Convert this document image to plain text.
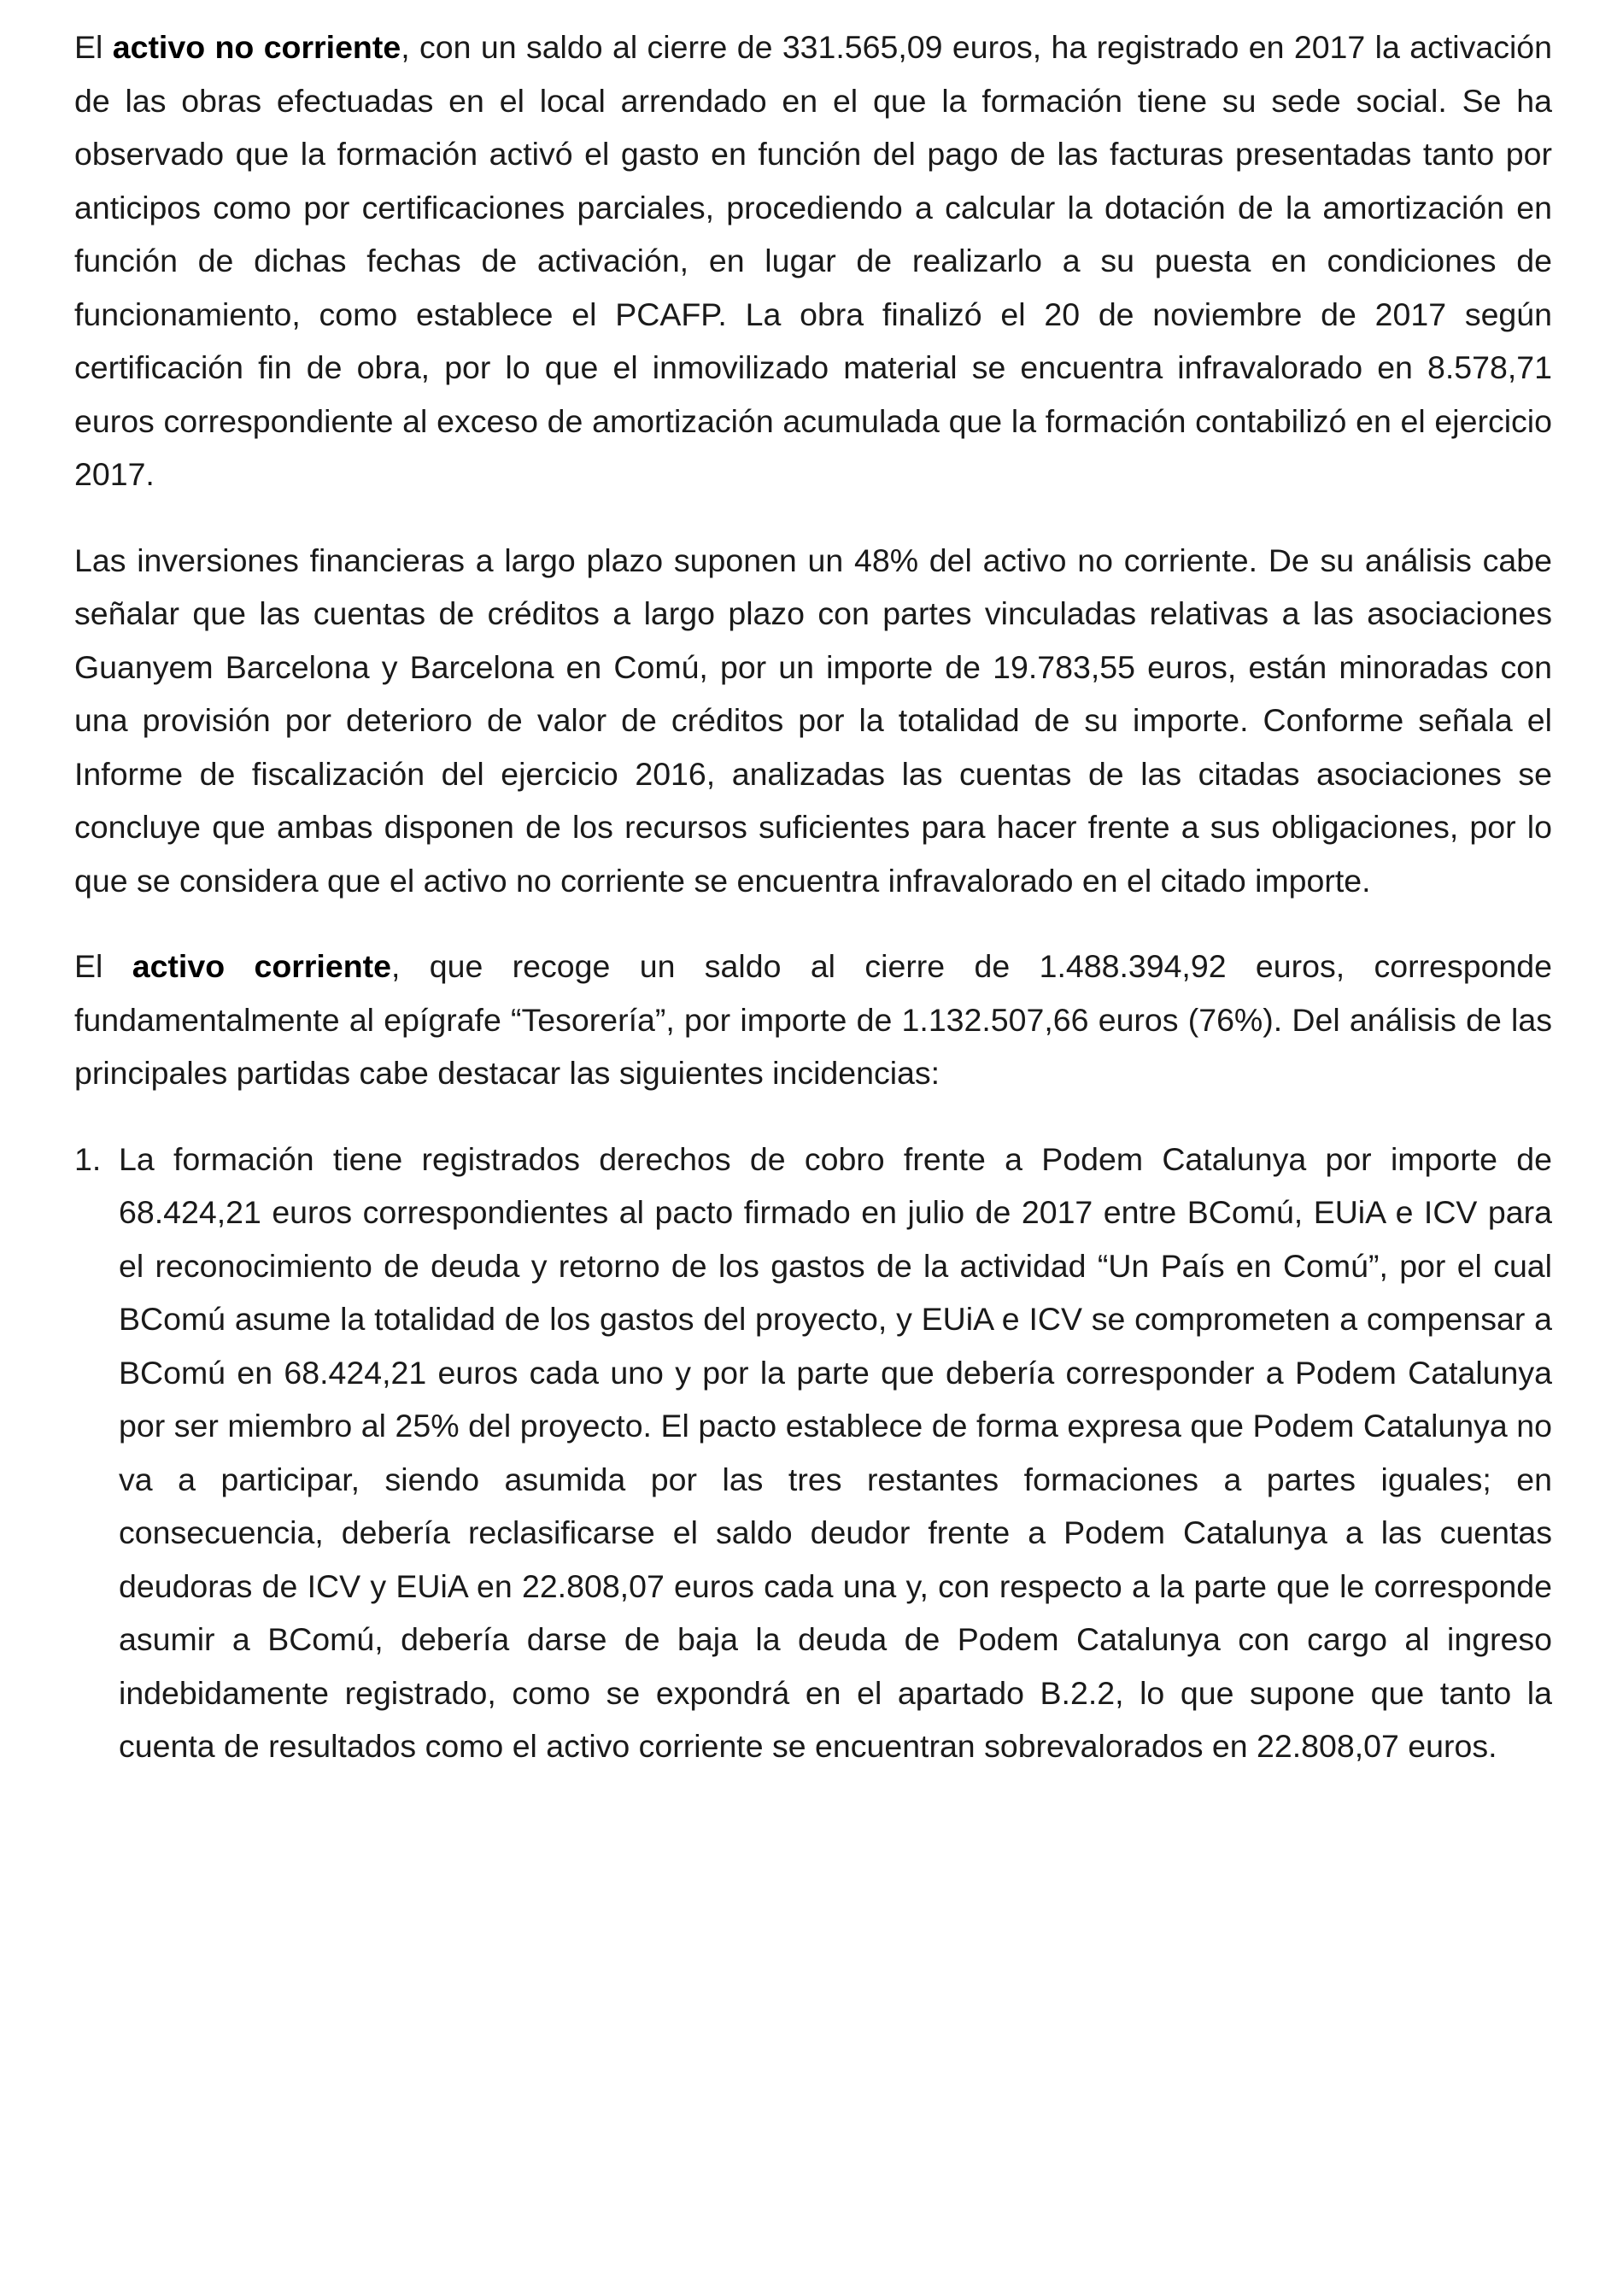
El activo no corriente, con un saldo al cierre de 331.565,09 euros, ha registrado en 2017 la activación de las obras efectuadas en el local arrendado en el que la formación tiene su sede social. Se ha observado que la formación activó el gasto en función del pago de las facturas presentadas tanto por anticipos como por certificaciones parciales, procediendo a calcular la dotación de la amortización en función de dichas fechas de activación, en lugar de realizarlo a su puesta en condiciones de funcionamiento, como establece el PCAFP. La obra finalizó el 20 de noviembre de 2017 según certificación fin de obra, por lo que el inmovilizado material se encuentra infravalorado en 8.578,71 euros correspondiente al exceso de amortización acumulada que la formación contabilizó en el ejercicio 2017.

Las inversiones financieras a largo plazo suponen un 48% del activo no corriente. De su análisis cabe señalar que las cuentas de créditos a largo plazo con partes vinculadas relativas a las asociaciones Guanyem Barcelona y Barcelona en Comú, por un importe de 19.783,55 euros, están minoradas con una provisión por deterioro de valor de créditos por la totalidad de su importe. Conforme señala el Informe de fiscalización del ejercicio 2016, analizadas las cuentas de las citadas asociaciones se concluye que ambas disponen de los recursos suficientes para hacer frente a sus obligaciones, por lo que se considera que el activo no corriente se encuentra infravalorado en el citado importe.

El activo corriente, que recoge un saldo al cierre de 1.488.394,92 euros, corresponde fundamentalmente al epígrafe “Tesorería”, por importe de 1.132.507,66 euros (76%). Del análisis de las principales partidas cabe destacar las siguientes incidencias:

1. La formación tiene registrados derechos de cobro frente a Podem Catalunya por importe de 68.424,21 euros correspondientes al pacto firmado en julio de 2017 entre BComú, EUiA e ICV para el reconocimiento de deuda y retorno de los gastos de la actividad “Un País en Comú”, por el cual BComú asume la totalidad de los gastos del proyecto, y EUiA e ICV se comprometen a compensar a BComú en 68.424,21 euros cada uno y por la parte que debería corresponder a Podem Catalunya por ser miembro al 25% del proyecto. El pacto establece de forma expresa que Podem Catalunya no va a participar, siendo asumida por las tres restantes formaciones a partes iguales; en consecuencia, debería reclasificarse el saldo deudor frente a Podem Catalunya a las cuentas deudoras de ICV y EUiA en 22.808,07 euros cada una y, con respecto a la parte que le corresponde asumir a BComú, debería darse de baja la deuda de Podem Catalunya con cargo al ingreso indebidamente registrado, como se expondrá en el apartado B.2.2, lo que supone que tanto la cuenta de resultados como el activo corriente se encuentran sobrevalorados en 22.808,07 euros.
